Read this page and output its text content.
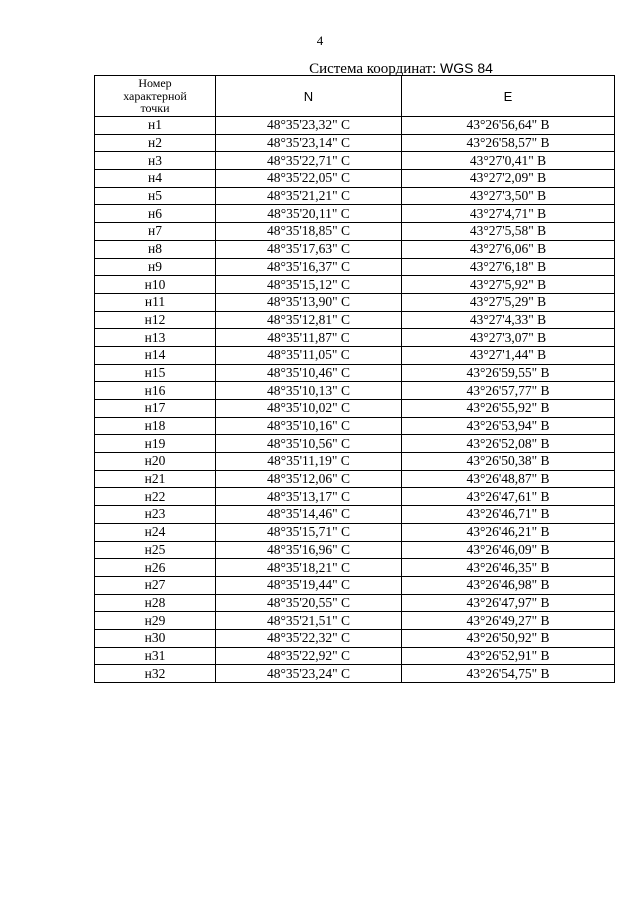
4
Система координат: WGS 84
Номер
характерной
точки	N	E
н1	48°35'23,32" С	43°26'56,64" В
н2	48°35'23,14" С	43°26'58,57" В
н3	48°35'22,71" С	43°27'0,41" В
н4	48°35'22,05" С	43°27'2,09" В
н5	48°35'21,21" С	43°27'3,50" В
н6	48°35'20,11" С	43°27'4,71" В
н7	48°35'18,85" С	43°27'5,58" В
н8	48°35'17,63" С	43°27'6,06" В
н9	48°35'16,37" С	43°27'6,18" В
н10	48°35'15,12" С	43°27'5,92" В
н11	48°35'13,90" С	43°27'5,29" В
н12	48°35'12,81" С	43°27'4,33" В
н13	48°35'11,87" С	43°27'3,07" В
н14	48°35'11,05" С	43°27'1,44" В
н15	48°35'10,46" С	43°26'59,55" В
н16	48°35'10,13" С	43°26'57,77" В
н17	48°35'10,02" С	43°26'55,92" В
н18	48°35'10,16" С	43°26'53,94" В
н19	48°35'10,56" С	43°26'52,08" В
н20	48°35'11,19" С	43°26'50,38" В
н21	48°35'12,06" С	43°26'48,87" В
н22	48°35'13,17" С	43°26'47,61" В
н23	48°35'14,46" С	43°26'46,71" В
н24	48°35'15,71" С	43°26'46,21" В
н25	48°35'16,96" С	43°26'46,09" В
н26	48°35'18,21" С	43°26'46,35" В
н27	48°35'19,44" С	43°26'46,98" В
н28	48°35'20,55" С	43°26'47,97" В
н29	48°35'21,51" С	43°26'49,27" В
н30	48°35'22,32" С	43°26'50,92" В
н31	48°35'22,92" С	43°26'52,91" В
н32	48°35'23,24" С	43°26'54,75" В
